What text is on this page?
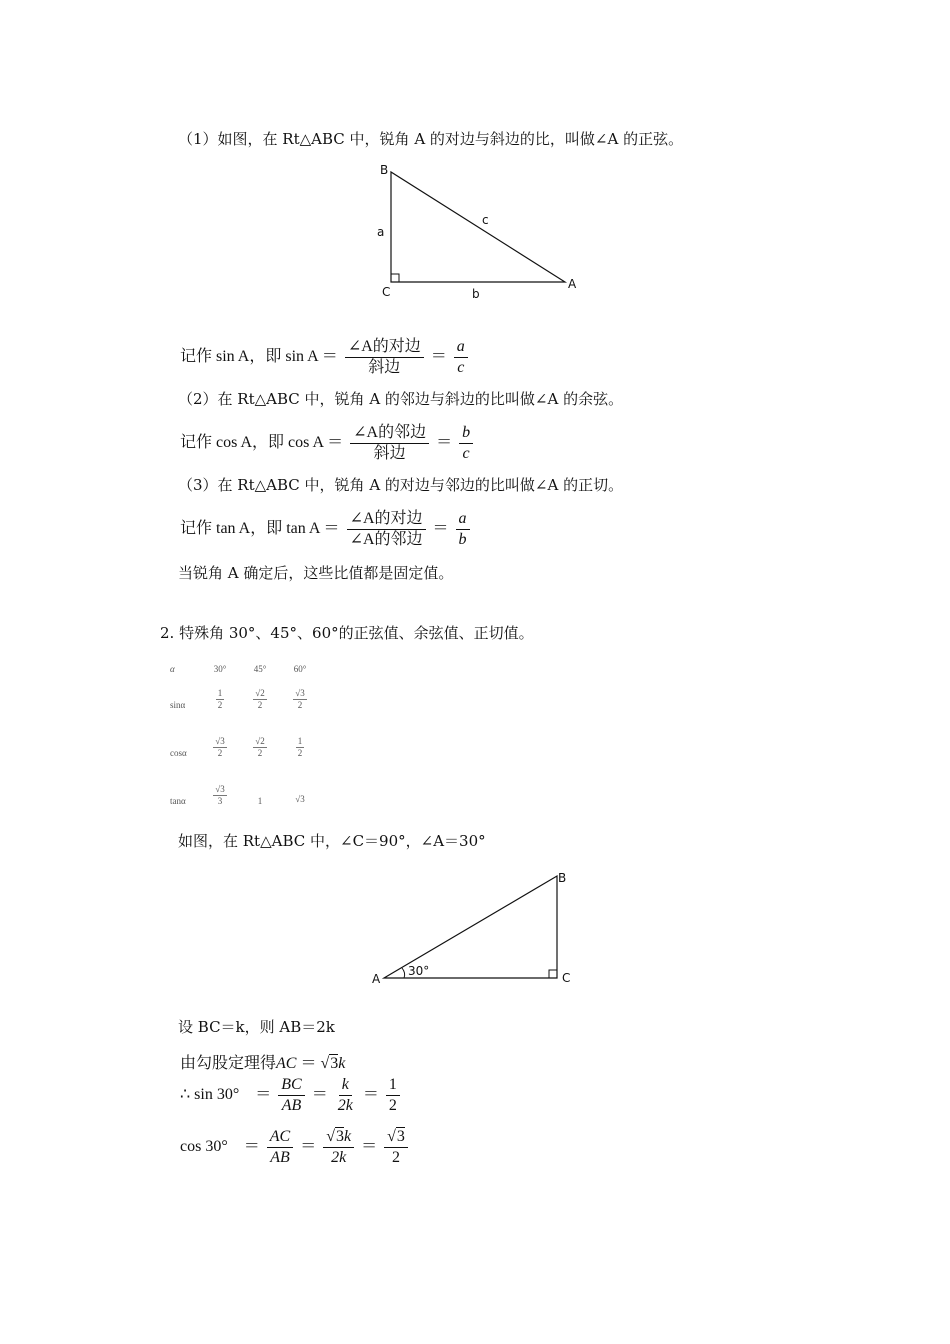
（1）如图，在 Rt△ABC 中，锐角 A 的对边与斜边的比，叫做∠A 的正弦。
B
A
C
a
b
c
记作 sin A，即 $\sin A = \frac{\text{∠A的对边}}{\text{斜边}} = \frac{a}{c}$
（2）在 Rt△ABC 中，锐角 A 的邻边与斜边的比叫做∠A 的余弦。
记作 cos A，即 $\cos A = \frac{\text{∠A的邻边}}{\text{斜边}} = \frac{b}{c}$
（3）在 Rt△ABC 中，锐角 A 的对边与邻边的比叫做∠A 的正切。
记作 tan A，即 $\tan A = \frac{\text{∠A的对边}}{\text{∠A的邻边}} = \frac{a}{b}$
当锐角 A 确定后，这些比值都是固定值。
2. 特殊角 30°、45°、60°的正弦值、余弦值、正切值。
α	30°	45°	60°
sinα	$\frac{1}{2}$	$\frac{√2}{2}$	$\frac{√3}{2}$
cosα	$\frac{√3}{2}$	$\frac{√2}{2}$	$\frac{1}{2}$
tanα	$\frac{√3}{3}$	1	√3
如图，在 Rt△ABC 中，∠C＝90°，∠A＝30°
A
B
C
30°
设 BC＝k，则 AB＝2k
由勾股定理得AC ＝ √3k
∴ $\sin 30^\circ = \frac{BC}{AB} = \frac{k}{2k} = \frac{1}{2}$
$\cos 30^\circ = \frac{AC}{AB} = \frac{√3k}{2k} = \frac{√3}{2}$
